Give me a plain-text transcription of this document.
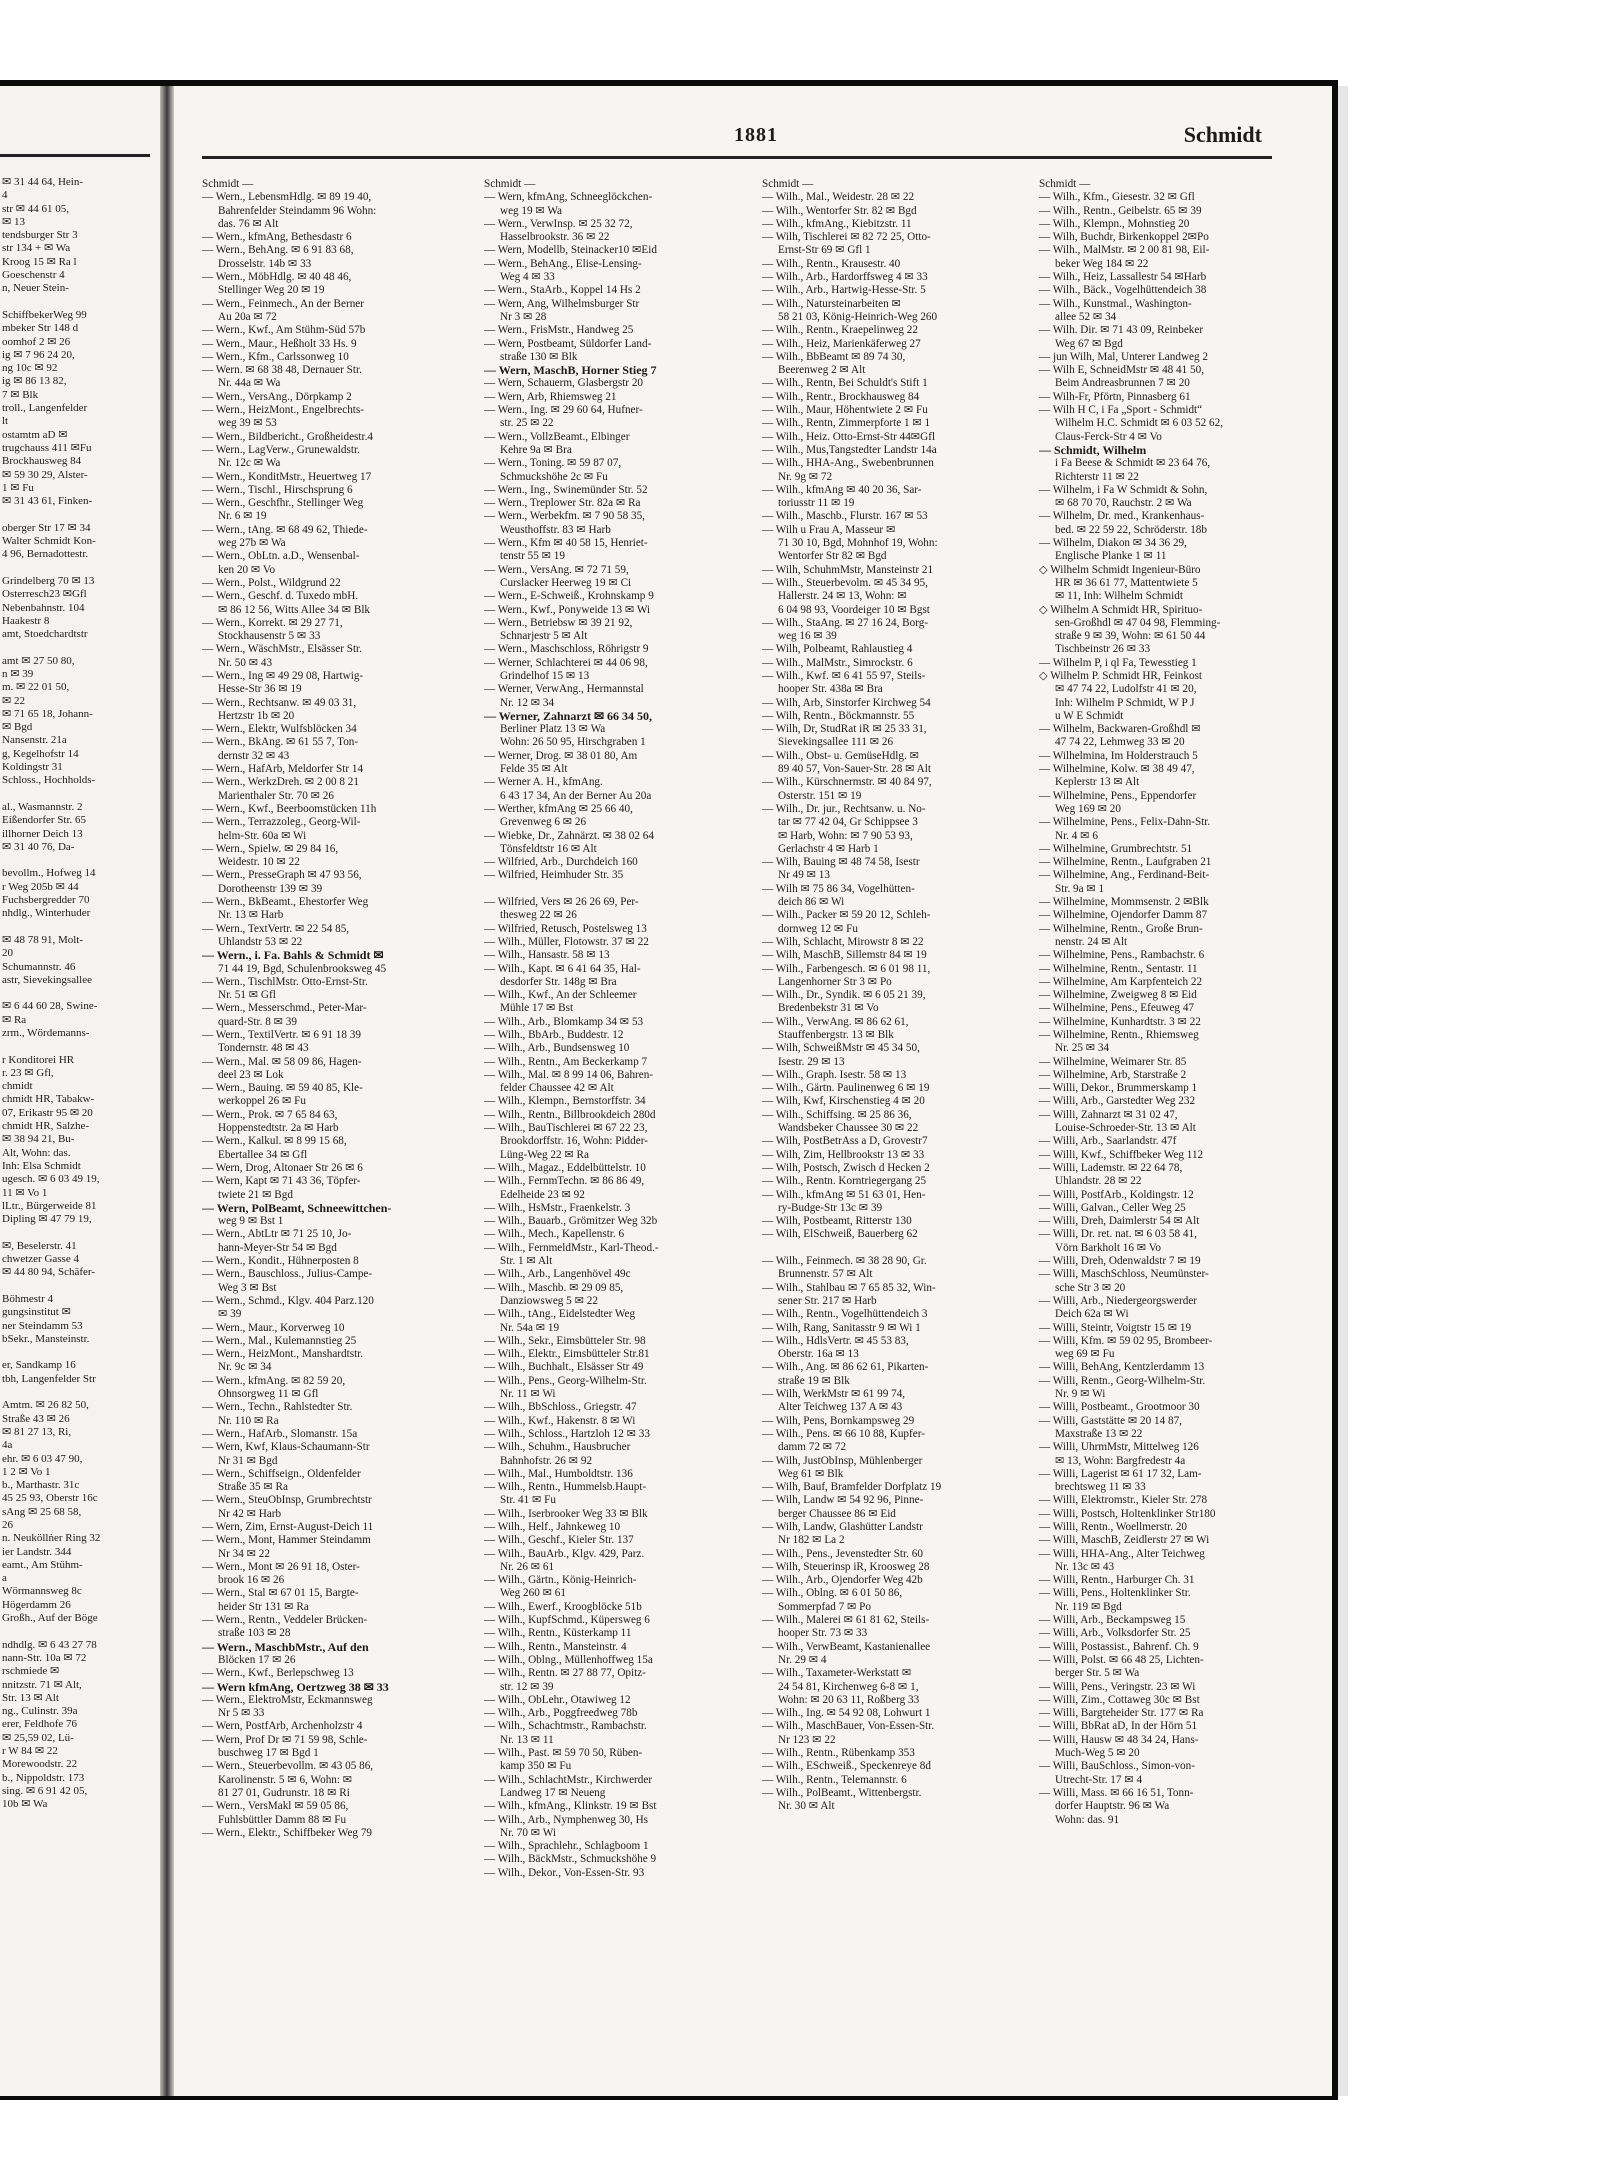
✉ 31 44 64, Hein-
4
str ✉ 44 61 05,
✉ 13
tendsburger Str 3
str 134 + ✉ Wa
Kroog 15 ✉ Ra l
Goeschenstr 4
n, Neuer Stein-

SchiffbekerWeg 99
mbeker Str 148 d
oomhof 2 ✉ 26
ig ✉ 7 96 24 20,
ng 10c ✉ 92
ig ✉ 86 13 82,
7 ✉ Blk
troll., Langenfelder
lt
ostamtm aD ✉
trugchauss 411 ✉Fu
Brockhausweg 84
✉ 59 30 29, Alster-
1 ✉ Fu
✉ 31 43 61, Finken-

oberger Str 17 ✉ 34
Walter Schmidt Kon-
4 96, Bernadottestr.

Grindelberg 70 ✉ 13
Osterresch23 ✉Gfl
Nebenbahnstr. 104
Haakestr 8
amt, Stoedchardtstr

amt ✉ 27 50 80,
n ✉ 39
m. ✉ 22 01 50,
✉ 22
✉ 71 65 18, Johann-
✉ Bgd
Nansenstr. 21a
g, Kegelhofstr 14
Koldingstr 31
Schloss., Hochholds-

al., Wasmannstr. 2
Eißendorfer Str. 65
illhorner Deich 13
✉ 31 40 76, Da-

bevollm., Hofweg 14
r Weg 205b ✉ 44
Fuchsbergredder 70
nhdlg., Winterhuder

✉ 48 78 91, Molt-
20
Schumannstr. 46
astr, Sievekingsallee

✉ 6 44 60 28, Swine-
✉ Ra
zrm., Wördemanns-

r Konditorei HR
r. 23 ✉ Gfl,
chmidt
chmidt HR, Tabakw-
07, Erikastr 95 ✉ 20
chmidt HR, Salzhe-
✉ 38 94 21, Bu-
Alt, Wohn: das.
Inh: Elsa Schmidt
ugesch. ✉ 6 03 49 19,
11 ✉ Vo 1
lLtr., Bürgerweide 81
Dipling ✉ 47 79 19,

✉, Beselerstr. 41
chwetzer Gasse 4
✉ 44 80 94, Schäfer-

Böhmestr 4
gungsinstitut ✉
ner Steindamm 53
bSekr., Mansteinstr.

er, Sandkamp 16
tbh, Langenfelder Str

Amtm. ✉ 26 82 50,
Straße 43 ✉ 26
✉ 81 27 13, Ri,
4a
ehr. ✉ 6 03 47 90,
1 2 ✉ Vo 1
b., Marthastr. 31c
45 25 93, Oberstr 16c
sAng ✉ 25 68 58,
26
n. Neuköllṅer Ring 32
ier Landstr. 344
eamt., Am Stühm-
a
Wörmannsweg 8c
Högerdamm 26
Großh., Auf der Böge

ndhdlg. ✉ 6 43 27 78
nann-Str. 10a ✉ 72
rschmiede ✉
nnitzstr. 71 ✉ Alt,
Str. 13 ✉ Alt
ng., Culinstr. 39a
erer, Feldhofe 76
✉ 25,59 02, Lü-
r W 84 ✉ 22
Morewoodstr. 22
b., Nippoldstr. 173
sing. ✉ 6 91 42 05,
10b ✉ Wa
1881	Schmidt
Schmidt —
— Wern., LebensmHdlg. ✉ 89 19 40,
Bahrenfelder Steindamm 96 Wohn:
das. 76 ✉ Alt
— Wern., kfmAng, Bethesdastr 6
— Wern., BehAng. ✉ 6 91 83 68,
Drosselstr. 14b ✉ 33
— Wern., MöbHdlg. ✉ 40 48 46,
Stellinger Weg 20 ✉ 19
— Wern., Feinmech., An der Berner
Au 20a ✉ 72
— Wern., Kwf., Am Stühm-Süd 57b
— Wern., Maur., Heßholt 33 Hs. 9
— Wern., Kfm., Carlssonweg 10
— Wern. ✉ 68 38 48, Dernauer Str.
Nr. 44a ✉ Wa
— Wern., VersAng., Dörpkamp 2
— Wern., HeizMont., Engelbrechts-
weg 39 ✉ 53
— Wern., Bildbericht., Großheidestr.4
— Wern., LagVerw., Grunewaldstr.
Nr. 12c ✉ Wa
— Wern., KonditMstr., Heuertweg 17
— Wern., Tischl., Hirschsprung 6
— Wern., Geschfhr., Stellinger Weg
Nr. 6 ✉ 19
— Wern., tAng. ✉ 68 49 62, Thiede-
weg 27b ✉ Wa
— Wern., ObLtn. a.D., Wensenbal-
ken 20 ✉ Vo
— Wern., Polst., Wildgrund 22
— Wern., Geschf. d. Tuxedo mbH.
✉ 86 12 56, Witts Allee 34 ✉ Blk
— Wern., Korrekt. ✉ 29 27 71,
Stockhausenstr 5 ✉ 33
— Wern., WäschMstr., Elsässer Str.
Nr. 50 ✉ 43
— Wern., Ing ✉ 49 29 08, Hartwig-
Hesse-Str 36 ✉ 19
— Wern., Rechtsanw. ✉ 49 03 31,
Hertzstr 1b ✉ 20
— Wern., Elektr, Wulfsblöcken 34
— Wern., BkAng. ✉ 61 55 7, Ton-
dernstr 32 ✉ 43
— Wern., HafArb, Meldorfer Str 14
— Wern., WerkzDreh. ✉ 2 00 8 21
Marienthaler Str. 70 ✉ 26
— Wern., Kwf., Beerboomstücken 11h
— Wern., Terrazzoleg., Georg-Wil-
helm-Str. 60a ✉ Wi
— Wern., Spielw. ✉ 29 84 16,
Weidestr. 10 ✉ 22
— Wern., PresseGraph ✉ 47 93 56,
Dorotheenstr 139 ✉ 39
— Wern., BkBeamt., Ehestorfer Weg
Nr. 13 ✉ Harb
— Wern., TextVertr. ✉ 22 54 85,
Uhlandstr 53 ✉ 22
— Wern., i. Fa. Bahls & Schmidt ✉
71 44 19, Bgd, Schulenbrooksweg 45
— Wern., TischlMstr. Otto-Ernst-Str.
Nr. 51 ✉ Gfl
— Wern., Messerschmd., Peter-Mar-
quard-Str. 8 ✉ 39
— Wern., TextilVertr. ✉ 6 91 18 39
Tondernstr. 48 ✉ 43
— Wern., Mal. ✉ 58 09 86, Hagen-
deel 23 ✉ Lok
— Wern., Bauing. ✉ 59 40 85, Kle-
werkoppel 26 ✉ Fu
— Wern., Prok. ✉ 7 65 84 63,
Hoppenstedtstr. 2a ✉ Harb
— Wern., Kalkul. ✉ 8 99 15 68,
Ebertallee 34 ✉ Gfl
— Wern, Drog, Altonaer Str 26 ✉ 6
— Wern, Kapt ✉ 71 43 36, Töpfer-
twiete 21 ✉ Bgd
— Wern, PolBeamt, Schneewittchen-
weg 9 ✉ Bst 1
— Wern., AbtLtr ✉ 71 25 10, Jo-
hann-Meyer-Str 54 ✉ Bgd
— Wern., Kondit., Hühnerposten 8
— Wern., Bauschloss., Julius-Campe-
Weg 3 ✉ Bst
— Wern., Schmd., Klgv. 404 Parz.120
✉ 39
— Wern., Maur., Korverweg 10
— Wern., Mal., Kulemannstieg 25
— Wern., HeizMont., Manshardtstr.
Nr. 9c ✉ 34
— Wern., kfmAng. ✉ 82 59 20,
Ohnsorgweg 11 ✉ Gfl
— Wern., Techn., Rahlstedter Str.
Nr. 110 ✉ Ra
— Wern., HafArb., Slomanstr. 15a
— Wern, Kwf, Klaus-Schaumann-Str
Nr 31 ✉ Bgd
— Wern., Schiffseign., Oldenfelder
Straße 35 ✉ Ra
— Wern., SteuObInsp, Grumbrechtstr
Nr 42 ✉ Harb
— Wern, Zim, Ernst-August-Deich 11
— Wern., Mont, Hammer Steindamm
Nr 34 ✉ 22
— Wern., Mont ✉ 26 91 18, Oster-
brook 16 ✉ 26
— Wern., Stal ✉ 67 01 15, Bargte-
heider Str 131 ✉ Ra
— Wern., Rentn., Veddeler Brücken-
straße 103 ✉ 28
— Wern., MaschbMstr., Auf den
Blöcken 17 ✉ 26
— Wern., Kwf., Berlepschweg 13
— Wern kfmAng, Oertzweg 38 ✉ 33
— Wern., ElektroMstr, Eckmannsweg
Nr 5 ✉ 33
— Wern, PostfArb, Archenholzstr 4
— Wern, Prof Dr ✉ 71 59 98, Schle-
buschweg 17 ✉ Bgd 1
— Wern., Steuerbevollm. ✉ 43 05 86,
Karolinenstr. 5 ✉ 6, Wohn: ✉
81 27 01, Gudrunstr. 18 ✉ Ri
— Wern., VersMakl ✉ 59 05 86,
Fuhlsbüttler Damm 88 ✉ Fu
— Wern., Elektr., Schiffbeker Weg 79
Schmidt —
— Wern, kfmAng, Schneeglöckchen-
weg 19 ✉ Wa
— Wern., VerwInsp. ✉ 25 32 72,
Hasselbrookstr. 36 ✉ 22
— Wern, Modellb, Steinacker10 ✉Eid
— Wern., BehAng., Elise-Lensing-
Weg 4 ✉ 33
— Wern., StaArb., Koppel 14 Hs 2
— Wern, Ang, Wilhelmsburger Str
Nr 3 ✉ 28
— Wern., FrisMstr., Handweg 25
— Wern, Postbeamt, Süldorfer Land-
straße 130 ✉ Blk
— Wern, MaschB, Horner Stieg 7
— Wern, Schauerm, Glasbergstr 20
— Wern, Arb, Rhiemsweg 21
— Wern., Ing. ✉ 29 60 64, Hufner-
str. 25 ✉ 22
— Wern., VollzBeamt., Elbinger
Kehre 9a ✉ Bra
— Wern., Toning. ✉ 59 87 07,
Schmuckshöhe 2c ✉ Fu
— Wern., Ing., Swinemünder Str. 52
— Wern., Treplower Str. 82a ✉ Ra
— Wern., Werbekfm. ✉ 7 90 58 35,
Weusthoffstr. 83 ✉ Harb
— Wern., Kfm ✉ 40 58 15, Henriet-
tenstr 55 ✉ 19
— Wern., VersAng. ✉ 72 71 59,
Curslacker Heerweg 19 ✉ Ci
— Wern., E-Schweiß., Krohnskamp 9
— Wern., Kwf., Ponyweide 13 ✉ Wi
— Wern., Betriebsw ✉ 39 21 92,
Schnarjestr 5 ✉ Alt
— Wern., Maschschloss, Röhrigstr 9
— Werner, Schlachterei ✉ 44 06 98,
Grindelhof 15 ✉ 13
— Werner, VerwAng., Hermannstal
Nr. 12 ✉ 34
— Werner, Zahnarzt ✉ 66 34 50,
Berliner Platz 13 ✉ Wa
Wohn: 26 50 95, Hirschgraben 1
— Werner, Drog. ✉ 38 01 80, Am
Felde 35 ✉ Alt
— Werner A. H., kfmAng.
6 43 17 34, An der Berner Au 20a
— Werther, kfmAng ✉ 25 66 40,
Grevenweg 6 ✉ 26
— Wiebke, Dr., Zahnärzt. ✉ 38 02 64
Tönsfeldtstr 16 ✉ Alt
— Wilfried, Arb., Durchdeich 160
— Wilfried, Heimhuder Str. 35

— Wilfried, Vers ✉ 26 26 69, Per-
thesweg 22 ✉ 26
— Wilfried, Retusch, Postelsweg 13
— Wilh., Müller, Flotowstr. 37 ✉ 22
— Wilh., Hansastr. 58 ✉ 13
— Wilh., Kapt. ✉ 6 41 64 35, Hal-
desdorfer Str. 148g ✉ Bra
— Wilh., Kwf., An der Schleemer
Mühle 17 ✉ Bst
— Wilh., Arb., Blomkamp 34 ✉ 53
— Wilh., BbArb., Buddestr. 12
— Wilh., Arb., Bundsensweg 10
— Wilh., Rentn., Am Beckerkamp 7
— Wilh., Mal. ✉ 8 99 14 06, Bahren-
felder Chaussee 42 ✉ Alt
— Wilh., Klempn., Bernstorffstr. 34
— Wilh., Rentn., Billbrookdeich 280d
— Wilh., BauTischlerei ✉ 67 22 23,
Brookdorffstr. 16, Wohn: Pidder-
Lüng-Weg 22 ✉ Ra
— Wilh., Magaz., Eddelbüttelstr. 10
— Wilh., FernmTechn. ✉ 86 86 49,
Edelheide 23 ✉ 92
— Wilh., HsMstr., Fraenkelstr. 3
— Wilh., Bauarb., Grömitzer Weg 32b
— Wilh., Mech., Kapellenstr. 6
— Wilh., FernmeldMstr., Karl-Theod.-
Str. 1 ✉ Alt
— Wilh., Arb., Langenhövel 49c
— Wilh., Maschb. ✉ 29 09 85,
Danziowsweg 5 ✉ 22
— Wilh., tAng., Eidelstedter Weg
Nr. 54a ✉ 19
— Wilh., Sekr., Eimsbütteler Str. 98
— Wilh., Elektr., Eimsbütteler Str.81
— Wilh., Buchhalt., Elsässer Str 49
— Wilh., Pens., Georg-Wilhelm-Str.
Nr. 11 ✉ Wi
— Wilh., BbSchloss., Griegstr. 47
— Wilh., Kwf., Hakenstr. 8 ✉ Wi
— Wilh., Schloss., Hartzloh 12 ✉ 33
— Wilh., Schuhm., Hausbrucher
Bahnhofstr. 26 ✉ 92
— Wilh., Mal., Humboldtstr. 136
— Wilh., Rentn., Hummelsb.Haupt-
Str. 41 ✉ Fu
— Wilh., Iserbrooker Weg 33 ✉ Blk
— Wilh., Helf., Jahnkeweg 10
— Wilh., Geschf., Kieler Str. 137
— Wilh., BauArb., Klgv. 429, Parz.
Nr. 26 ✉ 61
— Wilh., Gärtn., König-Heinrich-
Weg 260 ✉ 61
— Wilh., Ewerf., Kroogblöcke 51b
— Wilh., KupfSchmd., Küpersweg 6
— Wilh., Rentn., Küsterkamp 11
— Wilh., Rentn., Mansteinstr. 4
— Wilh., Oblng., Müllenhoffweg 15a
— Wilh., Rentn. ✉ 27 88 77, Opitz-
str. 12 ✉ 39
— Wilh., ObLehr., Otawiweg 12
— Wilh., Arb., Poggfreedweg 78b
— Wilh., Schachtmstr., Rambachstr.
Nr. 13 ✉ 11
— Wilh., Past. ✉ 59 70 50, Rüben-
kamp 350 ✉ Fu
— Wilh., SchlachtMstr., Kirchwerder
Landweg 17 ✉ Neueng
— Wilh., kfmAng., Klinkstr. 19 ✉ Bst
— Wilh., Arb., Nymphenweg 30, Hs
Nr. 70 ✉ Wi
— Wilh., Sprachlehr., Schlagboom 1
— Wilh., BäckMstr., Schmuckshöhe 9
— Wilh., Dekor., Von-Essen-Str. 93
Schmidt —
— Wilh., Mal., Weidestr. 28 ✉ 22
— Wilh., Wentorfer Str. 82 ✉ Bgd
— Wilh., kfmAng., Kiebitzstr. 11
— Wilh, Tischlerei ✉ 82 72 25, Otto-
Ernst-Str 69 ✉ Gfl 1
— Wilh., Rentn., Krausestr. 40
— Wilh., Arb., Hardorffsweg 4 ✉ 33
— Wilh., Arb., Hartwig-Hesse-Str. 5
— Wilh., Natursteinarbeiten ✉
58 21 03, König-Heinrich-Weg 260
— Wilh., Rentn., Kraepelinweg 22
— Wilh., Heiz, Marienkäferweg 27
— Wilh., BbBeamt ✉ 89 74 30,
Beerenweg 2 ✉ Alt
— Wilh., Rentn, Bei Schuldt's Stift 1
— Wilh., Rentr., Brockhausweg 84
— Wilh., Maur, Höhentwiete 2 ✉ Fu
— Wilh., Rentn, Zimmerpforte 1 ✉ 1
— Wilh., Heiz. Otto-Ernst-Str 44✉Gfl
— Wilh., Mus,Tangstedter Landstr 14a
— Wilh., HHA-Ang., Swebenbrunnen
Nr. 9g ✉ 72
— Wilh., kfmAng ✉ 40 20 36, Sar-
toriusstr 11 ✉ 19
— Wilh., Maschb., Flurstr. 167 ✉ 53
— Wilh u Frau A, Masseur ✉
71 30 10, Bgd, Mohnhof 19, Wohn:
Wentorfer Str 82 ✉ Bgd
— Wilh, SchuhmMstr, Mansteinstr 21
— Wilh., Steuerbevolm. ✉ 45 34 95,
Hallerstr. 24 ✉ 13, Wohn: ✉
6 04 98 93, Voordeiger 10 ✉ Bgst
— Wilh., StaAng. ✉ 27 16 24, Borg-
weg 16 ✉ 39
— Wilh, Polbeamt, Rahlaustieg 4
— Wilh., MalMstr., Simrockstr. 6
— Wilh., Kwf. ✉ 6 41 55 97, Steils-
hooper Str. 438a ✉ Bra
— Wilh, Arb, Sinstorfer Kirchweg 54
— Wilh, Rentn., Böckmannstr. 55
— Wilh, Dr, StudRat iR ✉ 25 33 31,
Sievekingsallee 111 ✉ 26
— Wilh., Obst- u. GemüseHdlg. ✉
89 40 57, Von-Sauer-Str. 28 ✉ Alt
— Wilh., Kürschnermstr. ✉ 40 84 97,
Osterstr. 151 ✉ 19
— Wilh., Dr. jur., Rechtsanw. u. No-
tar ✉ 77 42 04, Gr Schippsee 3
✉ Harb, Wohn: ✉ 7 90 53 93,
Gerlachstr 4 ✉ Harb 1
— Wilh, Bauing ✉ 48 74 58, Isestr
Nr 49 ✉ 13
— Wilh ✉ 75 86 34, Vogelhütten-
deich 86 ✉ Wi
— Wilh., Packer ✉ 59 20 12, Schleh-
dornweg 12 ✉ Fu
— Wilh, Schlacht, Mirowstr 8 ✉ 22
— Wilh, MaschB, Sillemstr 84 ✉ 19
— Wilh., Farbengesch. ✉ 6 01 98 11,
Langenhorner Str 3 ✉ Po
— Wilh., Dr., Syndik. ✉ 6 05 21 39,
Bredenbekstr 31 ✉ Vo
— Wilh., VerwAng. ✉ 86 62 61,
Stauffenbergstr. 13 ✉ Blk
— Wilh, SchweißMstr ✉ 45 34 50,
Isestr. 29 ✉ 13
— Wilh., Graph. Isestr. 58 ✉ 13
— Wilh., Gärtn. Paulinenweg 6 ✉ 19
— Wilh, Kwf, Kirschenstieg 4 ✉ 20
— Wilh., Schiffsing. ✉ 25 86 36,
Wandsbeker Chaussee 30 ✉ 22
— Wilh, PostBetrAss a D, Grovestr7
— Wilh, Zim, Hellbrookstr 13 ✉ 33
— Wilh, Postsch, Zwisch d Hecken 2
— Wilh., Rentn. Korntriegergang 25
— Wilh., kfmAng ✉ 51 63 01, Hen-
ry-Budge-Str 13c ✉ 39
— Wilh, Postbeamt, Ritterstr 130
— Wilh, ElSchweiß, Bauerberg 62

— Wilh., Feinmech. ✉ 38 28 90, Gr.
Brunnenstr. 57 ✉ Alt
— Wilh., Stahlbau ✉ 7 65 85 32, Win-
sener Str. 217 ✉ Harb
— Wilh., Rentn., Vogelhüttendeich 3
— Wilh, Rang, Sanitasstr 9 ✉ Wi 1
— Wilh., HdlsVertr. ✉ 45 53 83,
Oberstr. 16a ✉ 13
— Wilh., Ang. ✉ 86 62 61, Pikarten-
straße 19 ✉ Blk
— Wilh, WerkMstr ✉ 61 99 74,
Alter Teichweg 137 A ✉ 43
— Wilh, Pens, Bornkampsweg 29
— Wilh., Pens. ✉ 66 10 88, Kupfer-
damm 72 ✉ 72
— Wilh, JustObInsp, Mühlenberger
Weg 61 ✉ Blk
— Wilh, Bauf, Bramfelder Dorfplatz 19
— Wilh, Landw ✉ 54 92 96, Pinne-
berger Chaussee 86 ✉ Eid
— Wilh, Landw, Glashütter Landstr
Nr 182 ✉ La 2
— Wilh., Pens., Jevenstedter Str. 60
— Wilh, Steuerinsp iR, Kroosweg 28
— Wilh., Arb., Ojendorfer Weg 42b
— Wilh., Oblng. ✉ 6 01 50 86,
Sommerpfad 7 ✉ Po
— Wilh., Malerei ✉ 61 81 62, Steils-
hooper Str. 73 ✉ 33
— Wilh., VerwBeamt, Kastanienallee
Nr. 29 ✉ 4
— Wilh., Taxameter-Werkstatt ✉
24 54 81, Kirchenweg 6-8 ✉ 1,
Wohn: ✉ 20 63 11, Roßberg 33
— Wilh., Ing. ✉ 54 92 08, Lohwurt 1
— Wilh., MaschBauer, Von-Essen-Str.
Nr 123 ✉ 22
— Wilh., Rentn., Rübenkamp 353
— Wilh., ESchweiß., Speckenreye 8d
— Wilh., Rentn., Telemannstr. 6
— Wilh., PolBeamt., Wittenbergstr.
Nr. 30 ✉ Alt
Schmidt —
— Wilh., Kfm., Giesestr. 32 ✉ Gfl
— Wilh., Rentn., Geibelstr. 65 ✉ 39
— Wilh., Klempn., Mohnstieg 20
— Wilh, Buchdr, Birkenkoppel 2✉Po
— Wilh., MalMstr. ✉ 2 00 81 98, Eil-
beker Weg 184 ✉ 22
— Wilh., Heiz, Lassallestr 54 ✉Harb
— Wilh., Bäck., Vogelhüttendeich 38
— Wilh., Kunstmal., Washington-
allee 52 ✉ 34
— Wilh. Dir. ✉ 71 43 09, Reinbeker
Weg 67 ✉ Bgd
— jun Wilh, Mal, Unterer Landweg 2
— Wilh E, SchneidMstr ✉ 48 41 50,
Beim Andreasbrunnen 7 ✉ 20
— Wilh-Fr, Pförtn, Pinnasberg 61
— Wilh H C, i Fa „Sport - Schmidt“
Wilhelm H.C. Schmidt ✉ 6 03 52 62,
Claus-Ferck-Str 4 ✉ Vo
— Schmidt, Wilhelm
i Fa Beese & Schmidt ✉ 23 64 76,
Richterstr 11 ✉ 22
— Wilhelm, i Fa W Schmidt & Sohn,
✉ 68 70 70, Rauchstr. 2 ✉ Wa
— Wilhelm, Dr. med., Krankenhaus-
bed. ✉ 22 59 22, Schröderstr. 18b
— Wilhelm, Diakon ✉ 34 36 29,
Englische Planke 1 ✉ 11
◇ Wilhelm Schmidt Ingenieur-Büro
HR ✉ 36 61 77, Mattentwiete 5
✉ 11, Inh: Wilhelm Schmidt
◇ Wilhelm A Schmidt HR, Spirituo-
sen-Großhdl ✉ 47 04 98, Flemming-
straße 9 ✉ 39, Wohn: ✉ 61 50 44
Tischbeinstr 26 ✉ 33
— Wilhelm P, i ql Fa, Tewesstieg 1
◇ Wilhelm P. Schmidt HR, Feinkost
✉ 47 74 22, Ludolfstr 41 ✉ 20,
Inh: Wilhelm P Schmidt, W P J
u W E Schmidt
— Wilhelm, Backwaren-Großhdl ✉
47 74 22, Lehmweg 33 ✉ 20
— Wilhelmina, Im Holderstrauch 5
— Wilhelmine, Kolw. ✉ 38 49 47,
Keplerstr 13 ✉ Alt
— Wilhelmine, Pens., Eppendorfer
Weg 169 ✉ 20
— Wilhelmine, Pens., Felix-Dahn-Str.
Nr. 4 ✉ 6
— Wilhelmine, Grumbrechtstr. 51
— Wilhelmine, Rentn., Laufgraben 21
— Wilhelmine, Ang., Ferdinand-Beit-
Str. 9a ✉ 1
— Wilhelmine, Mommsenstr. 2 ✉Blk
— Wilhelmine, Ojendorfer Damm 87
— Wilhelmine, Rentn., Große Brun-
nenstr. 24 ✉ Alt
— Wilhelmine, Pens., Rambachstr. 6
— Wilhelmine, Rentn., Sentastr. 11
— Wilhelmine, Am Karpfenteich 22
— Wilhelmine, Zweigweg 8 ✉ Eid
— Wilhelmine, Pens., Efeuweg 47
— Wilhelmine, Kunhardtstr. 3 ✉ 22
— Wilhelmine, Rentn., Rhiemsweg
Nr. 25 ✉ 34
— Wilhelmine, Weimarer Str. 85
— Wilhelmine, Arb, Starstraße 2
— Willi, Dekor., Brummerskamp 1
— Willi, Arb., Garstedter Weg 232
— Willi, Zahnarzt ✉ 31 02 47,
Louise-Schroeder-Str. 13 ✉ Alt
— Willi, Arb., Saarlandstr. 47f
— Willi, Kwf., Schiffbeker Weg 112
— Willi, Lademstr. ✉ 22 64 78,
Uhlandstr. 28 ✉ 22
— Willi, PostfArb., Koldingstr. 12
— Willi, Galvan., Celler Weg 25
— Willi, Dreh, Daimlerstr 54 ✉ Alt
— Willi, Dr. ret. nat. ✉ 6 03 58 41,
Vörn Barkholt 16 ✉ Vo
— Willi, Dreh, Odenwaldstr 7 ✉ 19
— Willi, MaschSchloss, Neumünster-
sche Str 3 ✉ 20
— Willi, Arb., Niedergeorgswerder
Deich 62a ✉ Wi
— Willi, Steintr, Voigtstr 15 ✉ 19
— Willi, Kfm. ✉ 59 02 95, Brombeer-
weg 69 ✉ Fu
— Willi, BehAng, Kentzlerdamm 13
— Willi, Rentn., Georg-Wilhelm-Str.
Nr. 9 ✉ Wi
— Willi, Postbeamt., Grootmoor 30
— Willi, Gaststätte ✉ 20 14 87,
Maxstraße 13 ✉ 22
— Willi, UhrmMstr, Mittelweg 126
✉ 13, Wohn: Bargfredestr 4a
— Willi, Lagerist ✉ 61 17 32, Lam-
brechtsweg 11 ✉ 33
— Willi, Elektromstr., Kieler Str. 278
— Willi, Postsch, Holtenklinker Str180
— Willi, Rentn., Woellmerstr. 20
— Willi, MaschB, Zeidlerstr 27 ✉ Wi
— Willi, HHA-Ang., Alter Teichweg
Nr. 13c ✉ 43
— Willi, Rentn., Harburger Ch. 31
— Willi, Pens., Holtenklinker Str.
Nr. 119 ✉ Bgd
— Willi, Arb., Beckampsweg 15
— Willi, Arb., Volksdorfer Str. 25
— Willi, Postassist., Bahrenf. Ch. 9
— Willi, Polst. ✉ 66 48 25, Lichten-
berger Str. 5 ✉ Wa
— Willi, Pens., Veringstr. 23 ✉ Wi
— Willi, Zim., Cottaweg 30c ✉ Bst
— Willi, Bargteheider Str. 177 ✉ Ra
— Willi, BbRat aD, In der Hörn 51
— Willi, Hausw ✉ 48 34 24, Hans-
Much-Weg 5 ✉ 20
— Willi, BauSchloss., Simon-von-
Utrecht-Str. 17 ✉ 4
— Willi, Mass. ✉ 66 16 51, Tonn-
dorfer Hauptstr. 96 ✉ Wa
Wohn: das. 91
